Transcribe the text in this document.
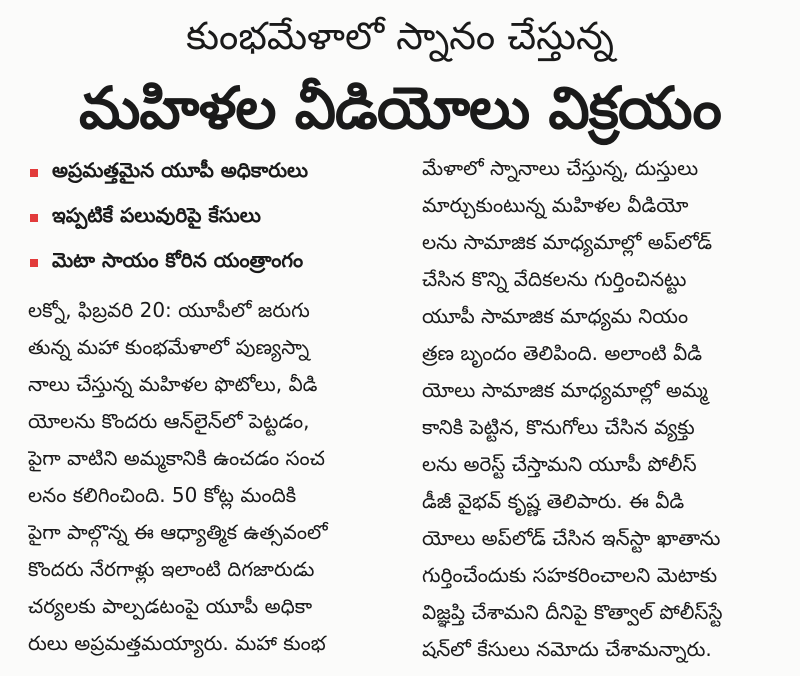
కుంభమేళాలో స్నానం చేస్తున్న
మహిళల వీడియోలు విక్రయం
అప్రమత్తమైన యూపీ అధికారులు
ఇప్పటికే పలువురిపై కేసులు
మెటా సాయం కోరిన యంత్రాంగం
లక్నో, ఫిబ్రవరి 20: యూపీలో జరుగు
తున్న మహా కుంభమేళాలో పుణ్యస్నా
నాలు చేస్తున్న మహిళల ఫొటోలు, వీడి
యోలను కొందరు ఆన్‌లైన్‌లో పెట్టడం,
పైగా వాటిని అమ్మకానికి ఉంచడం సంచ
లనం కలిగించింది. 50 కోట్ల మందికి
పైగా పాల్గొన్న ఈ ఆధ్యాత్మిక ఉత్సవంలో
కొందరు నేరగాళ్లు ఇలాంటి దిగజారుడు
చర్యలకు పాల్పడటంపై యూపీ అధికా
రులు అప్రమత్తమయ్యారు. మహా కుంభ
మేళాలో స్నానాలు చేస్తున్న, దుస్తులు
మార్చుకుంటున్న మహిళల వీడియో
లను సామాజిక మాధ్యమాల్లో అప్‌లోడ్
చేసిన కొన్ని వేదికలను గుర్తించినట్టు
యూపీ సామాజిక మాధ్యమ నియం
త్రణ బృందం తెలిపింది. అలాంటి వీడి
యోలు సామాజిక మాధ్యమాల్లో అమ్మ
కానికి పెట్టిన, కొనుగోలు చేసిన వ్యక్తు
లను అరెస్ట్ చేస్తామని యూపీ పోలీస్
డీజీ వైభవ్ కృష్ణ తెలిపారు. ఈ వీడి
యోలు అప్‌లోడ్ చేసిన ఇన్‌స్టా ఖాతాను
గుర్తించేందుకు సహకరించాలని మెటాకు
విజ్ఞప్తి చేశామని దీనిపై కొత్వాల్ పోలీస్‌స్టే
షన్‌లో కేసులు నమోదు చేశామన్నారు.
